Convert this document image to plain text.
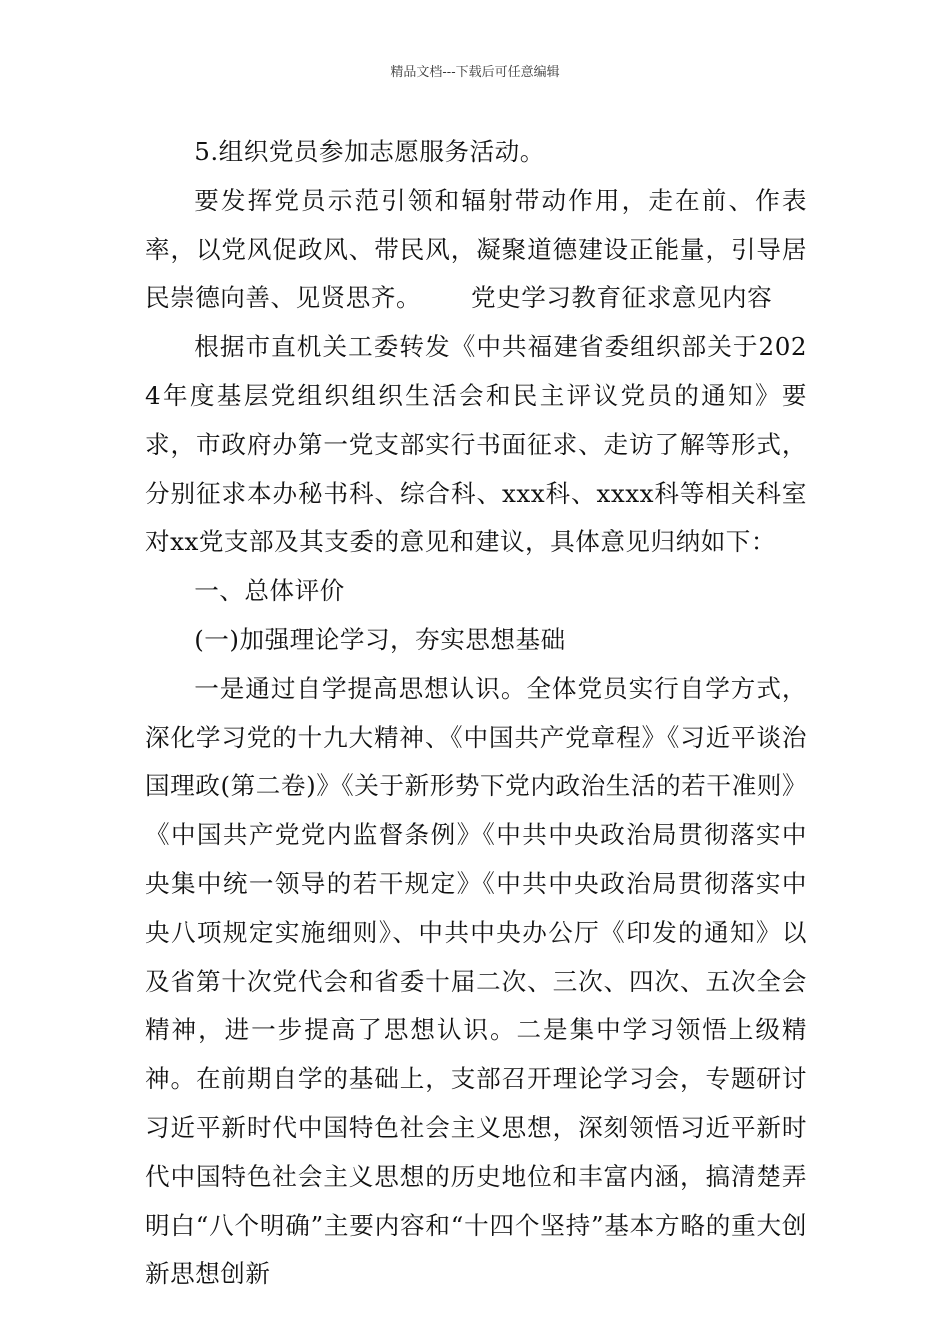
精品文档---下载后可任意编辑

5.组织党员参加志愿服务活动。

要发挥党员示范引领和辐射带动作用，走在前、作表率，以党风促政风、带民风，凝聚道德建设正能量，引导居民崇德向善、见贤思齐。 党史学习教育征求意见内容

根据市直机关工委转发《中共福建省委组织部关于2024年度基层党组织组织生活会和民主评议党员的通知》要求，市政府办第一党支部实行书面征求、走访了解等形式，分别征求本办秘书科、综合科、xxx科、xxxx科等相关科室对xx党支部及其支委的意见和建议，具体意见归纳如下：

一、总体评价

(一)加强理论学习，夯实思想基础

一是通过自学提高思想认识。全体党员实行自学方式，深化学习党的十九大精神、《中国共产党章程》《习近平谈治国理政(第二卷)》《关于新形势下党内政治生活的若干准则》《中国共产党党内监督条例》《中共中央政治局贯彻落实中央集中统一领导的若干规定》《中共中央政治局贯彻落实中央八项规定实施细则》、中共中央办公厅《印发的通知》以及省第十次党代会和省委十届二次、三次、四次、五次全会精神，进一步提高了思想认识。二是集中学习领悟上级精神。在前期自学的基础上，支部召开理论学习会，专题研讨习近平新时代中国特色社会主义思想，深刻领悟习近平新时代中国特色社会主义思想的历史地位和丰富内涵，搞清楚弄明白“八个明确”主要内容和“十四个坚持”基本方略的重大创新思想创新
